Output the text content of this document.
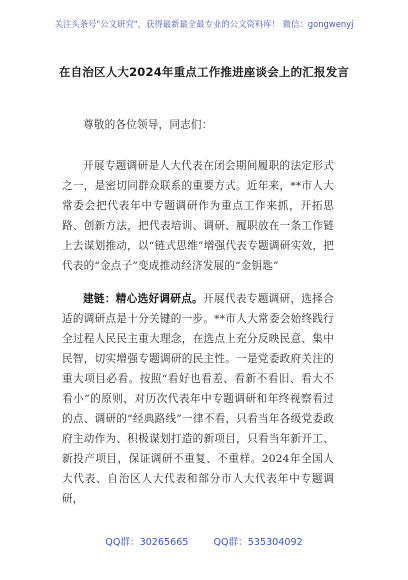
关注头条号"公文研究"，获得最新最全最专业的公文资料库！ 微信：gongwenyj
在自治区人大2024年重点工作推进座谈会上的汇报发言
尊敬的各位领导，同志们：
开展专题调研是人大代表在闭会期间履职的法定形式之一，是密切同群众联系的重要方式。近年来，**市人大常委会把代表年中专题调研作为重点工作来抓，开拓思路、创新方法，把代表培训、调研、履职放在一条工作链上去谋划推动，以“链式思维”增强代表专题调研实效，把代表的“金点子”变成推动经济发展的“金钥匙”
建链：精心选好调研点。开展代表专题调研，选择合适的调研点是十分关键的一步。**市人大常委会始终践行全过程人民民主重大理念，在选点上充分反映民意、集中民智，切实增强专题调研的民主性。一是党委政府关注的重大项目必看。按照“看好也看差、看新不看旧、看大不看小”的原则，对历次代表年中专题调研和年终视察看过的点、调研的“经典路线”一律不看，只看当年各级党委政府主动作为、积极谋划打造的新项目，只看当年新开工、新投产项目，保证调研不重复、不重样。2024年全国人大代表、自治区人大代表和部分市人大代表年中专题调研，
QQ群：30265665	QQ群：535304092
